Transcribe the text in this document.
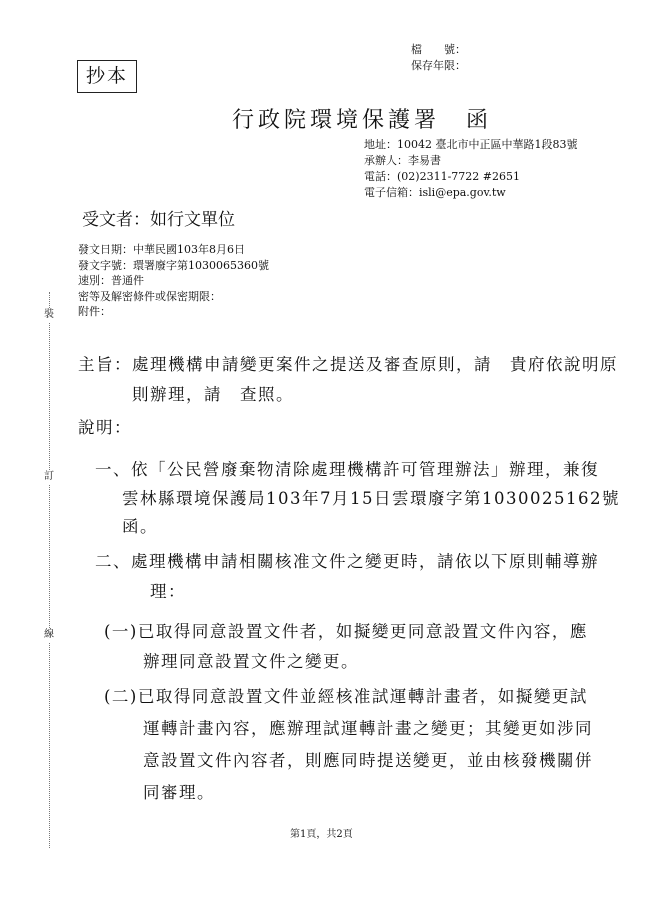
檔　　號：
保存年限：
抄本
行政院環境保護署　函
地址：10042 臺北市中正區中華路1段83號
承辦人：李易書
電話：(02)2311-7722 #2651
電子信箱：isli@epa.gov.tw
受文者：如行文單位
發文日期：中華民國103年8月6日
發文字號：環署廢字第1030065360號
速別：普通件
密等及解密條件或保密期限：
附件：
裝
訂
線
主旨：處理機構申請變更案件之提送及審查原則，請　貴府依說明原
則辦理，請　查照。
說明：
一、依「公民營廢棄物清除處理機構許可管理辦法」辦理，兼復
雲林縣環境保護局103年7月15日雲環廢字第1030025162號
函。
二、處理機構申請相關核准文件之變更時，請依以下原則輔導辦
理：
(一)已取得同意設置文件者，如擬變更同意設置文件內容，應
辦理同意設置文件之變更。
(二)已取得同意設置文件並經核准試運轉計畫者，如擬變更試
運轉計畫內容，應辦理試運轉計畫之變更；其變更如涉同
意設置文件內容者，則應同時提送變更，並由核發機關併
同審理。
第1頁，共2頁
